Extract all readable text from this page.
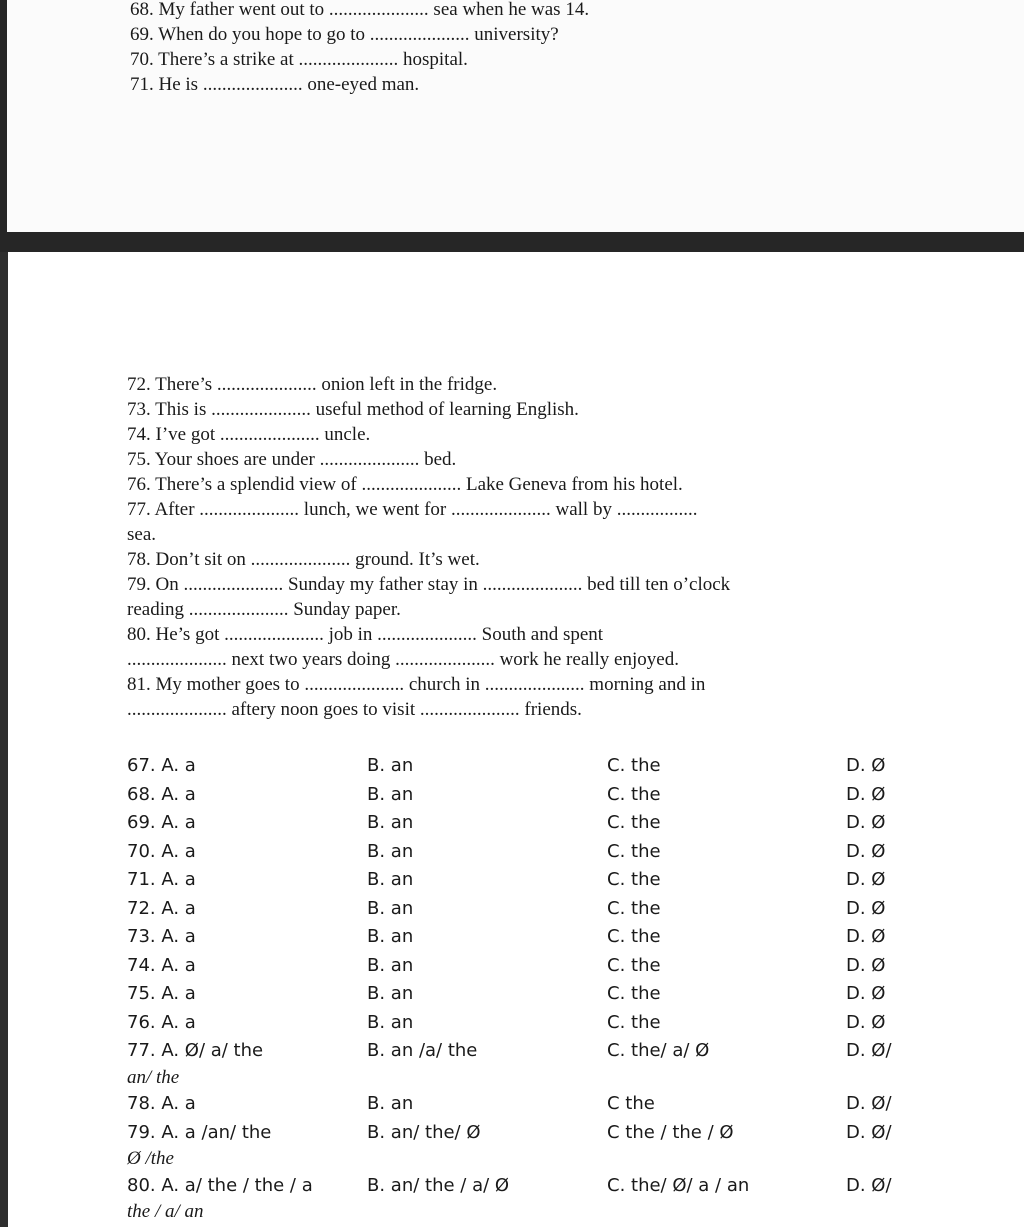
68. My father went out to ..................... sea when he was 14.
69. When do you hope to go to ..................... university?
70. There’s a strike at ..................... hospital.
71. He is ..................... one-eyed man.
72. There’s ..................... onion left in the fridge.
73. This is ..................... useful method of learning English.
74. I’ve got ..................... uncle.
75. Your shoes are under ..................... bed.
76. There’s a splendid view of ..................... Lake Geneva from his hotel.
77. After ..................... lunch, we went for ..................... wall by .................
sea.
78. Don’t sit on ..................... ground. It’s wet.
79. On ..................... Sunday my father stay in ..................... bed till ten o’clock
reading ..................... Sunday paper.
80. He’s got ..................... job in ..................... South and spent
..................... next two years doing ..................... work he really enjoyed.
81. My mother goes to ..................... church in ..................... morning and in
..................... aftery noon goes to visit ..................... friends.
67. A. a	B. an	C. the	D. Ø
68. A. a	B. an	C. the	D. Ø
69. A. a	B. an	C. the	D. Ø
70. A. a	B. an	C. the	D. Ø
71. A. a	B. an	C. the	D. Ø
72. A. a	B. an	C. the	D. Ø
73. A. a	B. an	C. the	D. Ø
74. A. a	B. an	C. the	D. Ø
75. A. a	B. an	C. the	D. Ø
76. A. a	B. an	C. the	D. Ø
77. A. Ø/ a/ the	B. an /a/ the	C. the/ a/ Ø	D. Ø/
an/ the
78. A. a	B. an	C the	D. Ø/
79. A. a /an/ the	B. an/ the/ Ø	C the / the / Ø	D. Ø/
Ø /the
80. A. a/ the / the / a	B. an/ the / a/ Ø	C. the/ Ø/ a / an	D. Ø/
the / a/ an
